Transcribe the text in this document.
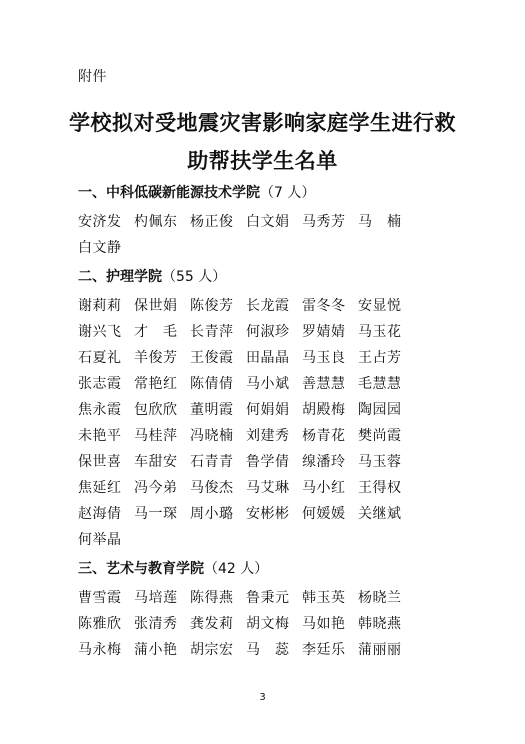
附件
学校拟对受地震灾害影响家庭学生进行救
助帮扶学生名单
一、中科低碳新能源技术学院（7 人）
安济发 杓佩东 杨正俊 白文娟 马秀芳 马　楠
白文静
二、护理学院（55 人）
谢莉莉 保世娟 陈俊芳 长龙霞 雷冬冬 安显悦
谢兴飞 才　毛 长青萍 何淑珍 罗婧婧 马玉花
石夏礼 羊俊芳 王俊霞 田晶晶 马玉良 王占芳
张志霞 常艳红 陈倩倩 马小斌 善慧慧 毛慧慧
焦永霞 包欣欣 董明霞 何娟娟 胡殿梅 陶园园
未艳平 马桂萍 冯晓楠 刘建秀 杨青花 樊尚霞
保世喜 车甜安 石青青 鲁学倩 缐潘玲 马玉蓉
焦延红 冯今弟 马俊杰 马艾琳 马小红 王得权
赵海倩 马一琛 周小璐 安彬彬 何媛媛 关继斌
何举晶
三、艺术与教育学院（42 人）
曹雪霞 马培莲 陈得燕 鲁秉元 韩玉英 杨晓兰
陈雅欣 张清秀 龚发莉 胡文梅 马如艳 韩晓燕
马永梅 蒲小艳 胡宗宏 马　蕊 李廷乐 蒲丽丽
3
